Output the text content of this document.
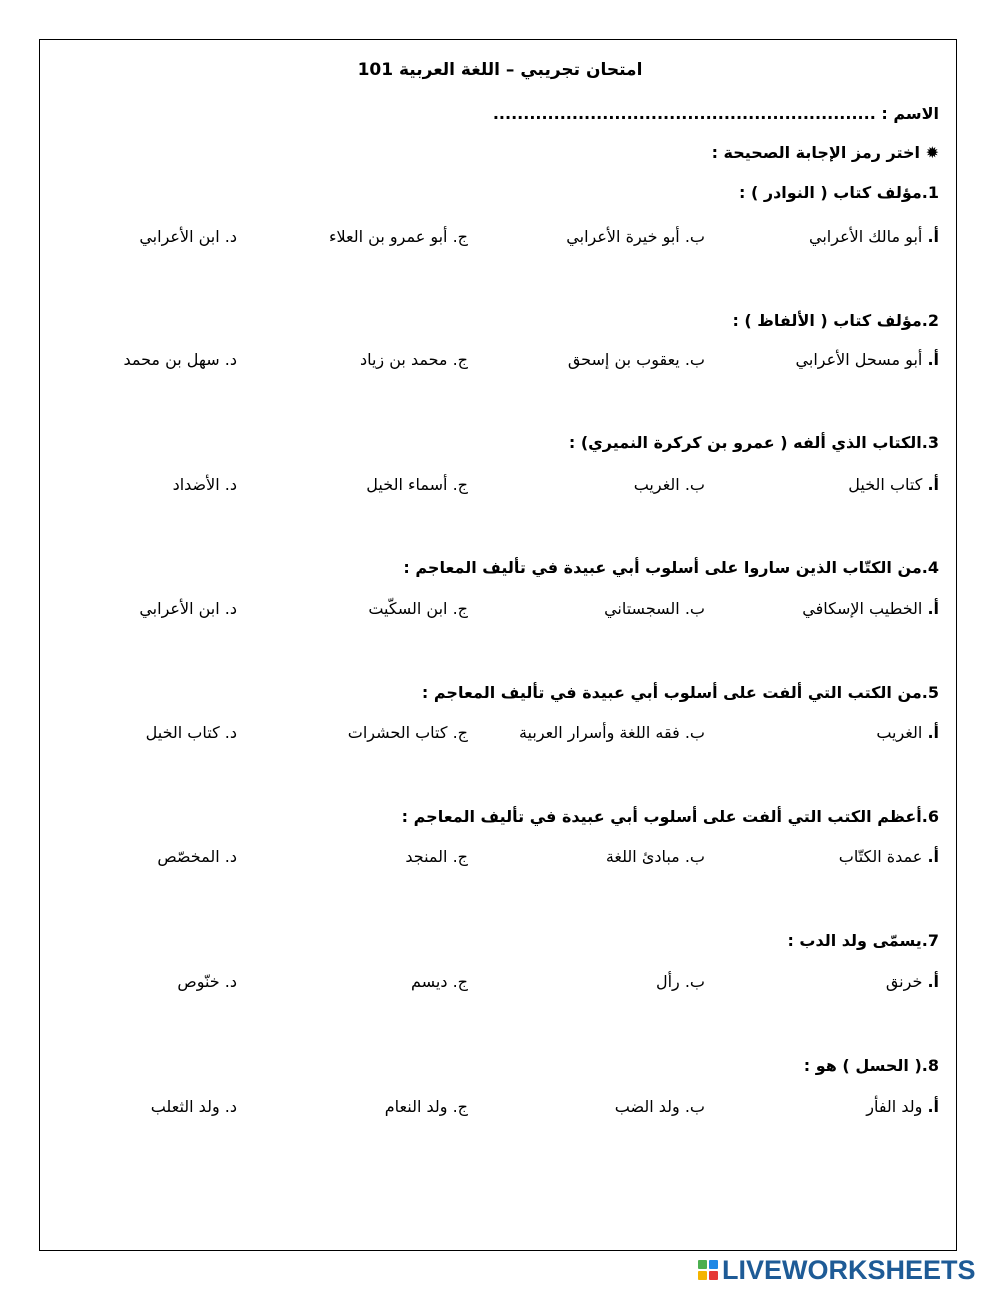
امتحان تجريبي – اللغة العربية 101
الاسم : ...............................................................
✹ اختر رمز الإجابة الصحيحة :
1.مؤلف كتاب ( النوادر ) :
أ. أبو مالك الأعرابي
ب. أبو خيرة الأعرابي
ج. أبو عمرو بن العلاء
د. ابن الأعرابي
2.مؤلف كتاب ( الألفاظ ) :
أ. أبو مسحل الأعرابي
ب. يعقوب بن إسحق
ج. محمد بن زياد
د. سهل بن محمد
3.الكتاب الذي ألفه ( عمرو بن كركرة النميري) :
أ. كتاب الخيل
ب. الغريب
ج. أسماء الخيل
د. الأضداد
4.من الكتّاب الذين ساروا على أسلوب أبي عبيدة في تأليف المعاجم :
أ. الخطيب الإسكافي
ب. السجستاني
ج. ابن السكّيت
د. ابن الأعرابي
5.من الكتب التي ألفت على أسلوب أبي عبيدة في تأليف المعاجم :
أ. الغريب
ب. فقه اللغة وأسرار العربية
ج. كتاب الحشرات
د. كتاب الخيل
6.أعظم الكتب التي ألفت على أسلوب أبي عبيدة في تأليف المعاجم :
أ. عمدة الكتّاب
ب. مبادئ اللغة
ج. المنجد
د. المخصّص
7.يسمّى ولد الدب :
أ. خرنق
ب. رأل
ج. ديسم
د. خنّوص
8.( الحسل ) هو :
أ. ولد الفأر
ب. ولد الضب
ج. ولد النعام
د. ولد الثعلب
LIVEWORKSHEETS
